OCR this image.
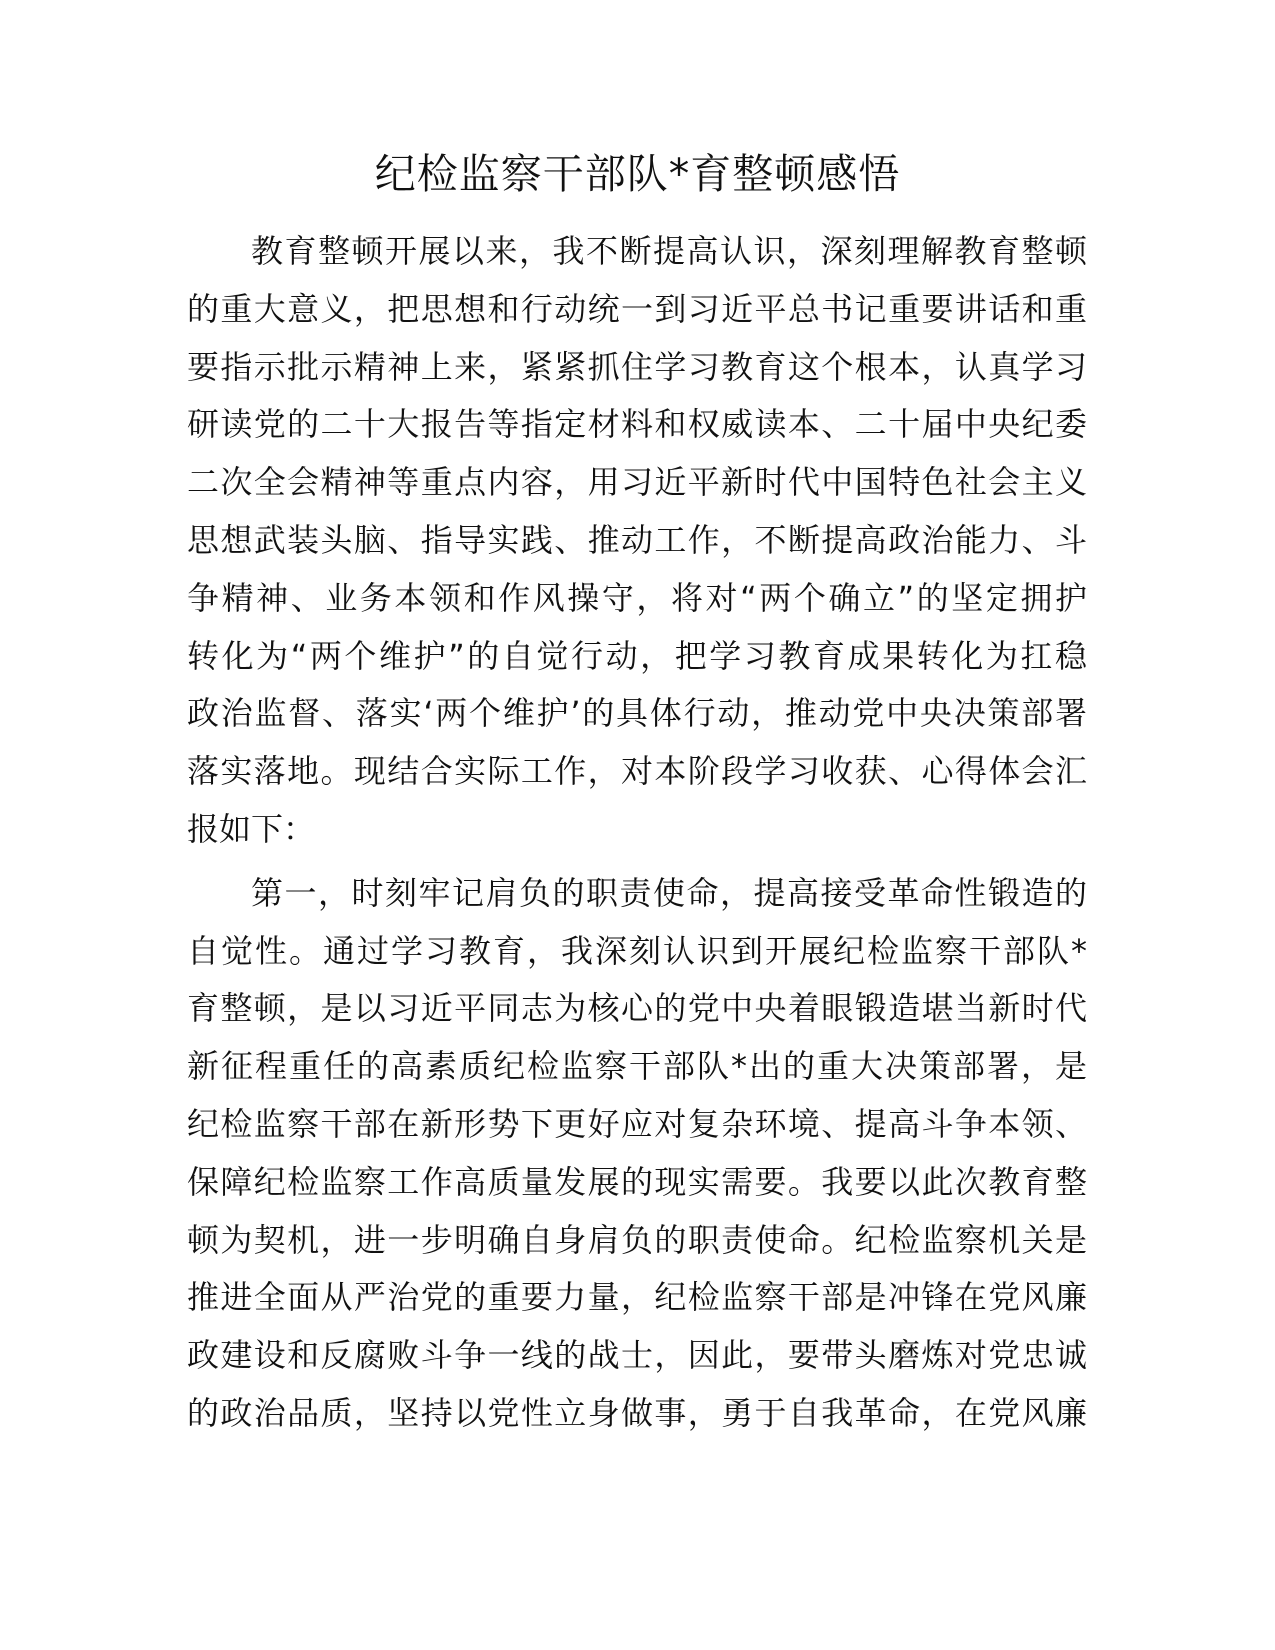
纪检监察干部队*育整顿感悟

教育整顿开展以来，我不断提高认识，深刻理解教育整顿
的重大意义，把思想和行动统一到习近平总书记重要讲话和重
要指示批示精神上来，紧紧抓住学习教育这个根本，认真学习
研读党的二十大报告等指定材料和权威读本、二十届中央纪委
二次全会精神等重点内容，用习近平新时代中国特色社会主义
思想武装头脑、指导实践、推动工作，不断提高政治能力、斗
争精神、业务本领和作风操守，将对“两个确立”的坚定拥护
转化为“两个维护”的自觉行动，把学习教育成果转化为扛稳
政治监督、落实‘两个维护’的具体行动，推动党中央决策部署
落实落地。现结合实际工作，对本阶段学习收获、心得体会汇
报如下：

第一，时刻牢记肩负的职责使命，提高接受革命性锻造的
自觉性。通过学习教育，我深刻认识到开展纪检监察干部队*
育整顿，是以习近平同志为核心的党中央着眼锻造堪当新时代
新征程重任的高素质纪检监察干部队*出的重大决策部署，是
纪检监察干部在新形势下更好应对复杂环境、提高斗争本领、
保障纪检监察工作高质量发展的现实需要。我要以此次教育整
顿为契机，进一步明确自身肩负的职责使命。纪检监察机关是
推进全面从严治党的重要力量，纪检监察干部是冲锋在党风廉
政建设和反腐败斗争一线的战士，因此，要带头磨炼对党忠诚
的政治品质，坚持以党性立身做事，勇于自我革命，在党风廉
